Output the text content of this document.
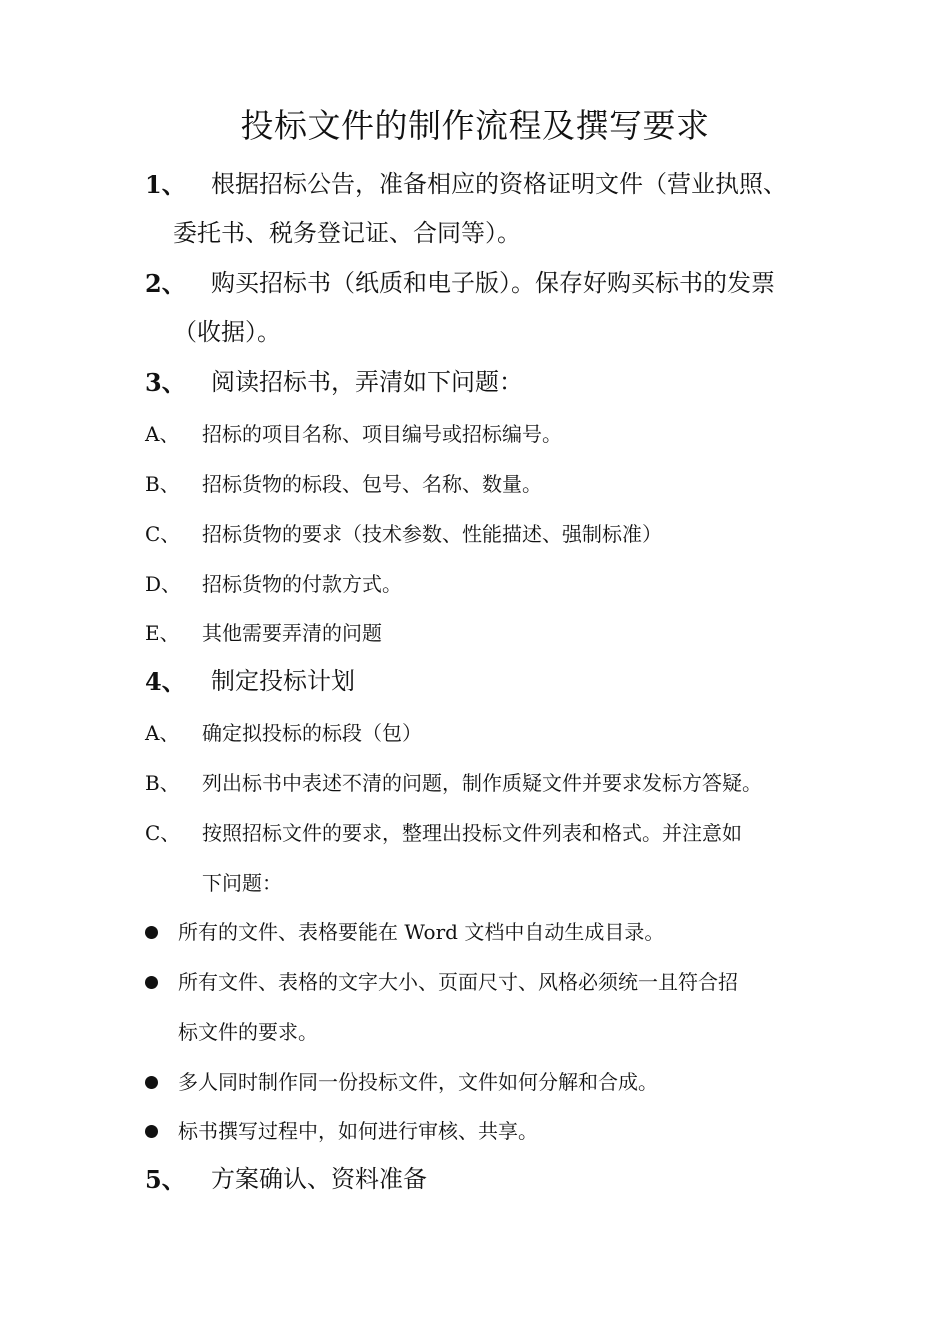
投标文件的制作流程及撰写要求
1、 根据招标公告，准备相应的资格证明文件（营业执照、
委托书、税务登记证、合同等）。
2、 购买招标书（纸质和电子版）。保存好购买标书的发票
（收据）。
3、 阅读招标书，弄清如下问题：
A、 招标的项目名称、项目编号或招标编号。
B、 招标货物的标段、包号、名称、数量。
C、 招标货物的要求（技术参数、性能描述、强制标准）
D、 招标货物的付款方式。
E、 其他需要弄清的问题
4、 制定投标计划
A、 确定拟投标的标段（包）
B、 列出标书中表述不清的问题，制作质疑文件并要求发标方答疑。
C、 按照招标文件的要求，整理出投标文件列表和格式。并注意如
下问题：
所有的文件、表格要能在 Word 文档中自动生成目录。
所有文件、表格的文字大小、页面尺寸、风格必须统一且符合招
标文件的要求。
多人同时制作同一份投标文件，文件如何分解和合成。
标书撰写过程中，如何进行审核、共享。
5、 方案确认、资料准备
